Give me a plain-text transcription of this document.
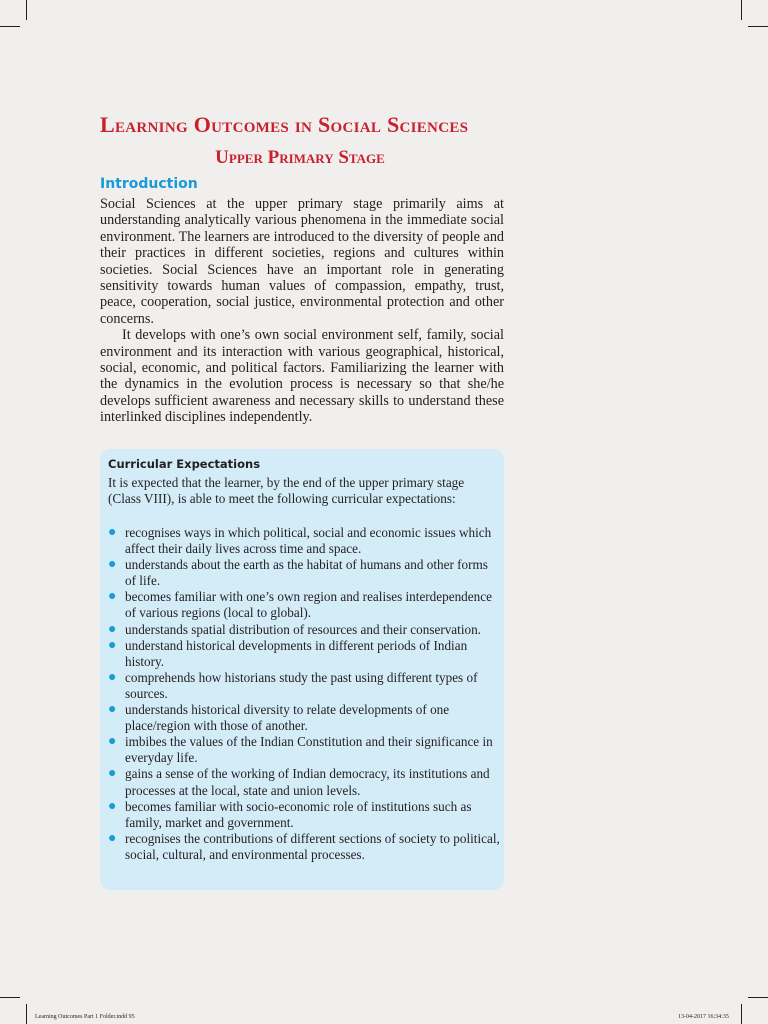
Learning Outcomes in Social Sciences
Upper Primary Stage
Introduction

Social Sciences at the upper primary stage primarily aims at understanding analytically various phenomena in the immediate social environment. The learners are introduced to the diversity of people and their practices in different societies, regions and cultures within societies. Social Sciences have an important role in generating sensitivity towards human values of compassion, empathy, trust, peace, cooperation, social justice, environmental protection and other concerns.

It develops with one’s own social environment self, family, social environment and its interaction with various geographical, historical, social, economic, and political factors. Familiarizing the learner with the dynamics in the evolution process is necessary so that she/he develops sufficient awareness and necessary skills to understand these interlinked disciplines independently.

Curricular Expectations
It is expected that the learner, by the end of the upper primary stage (Class VIII), is able to meet the following curricular expectations:
● recognises ways in which political, social and economic issues which affect their daily lives across time and space.
● understands about the earth as the habitat of humans and other forms of life.
● becomes familiar with one’s own region and realises interdependence of various regions (local to global).
● understands spatial distribution of resources and their conservation.
● understand historical developments in different periods of Indian history.
● comprehends how historians study the past using different types of sources.
● understands historical diversity to relate developments of one place/region with those of another.
● imbibes the values of the Indian Constitution and their significance in everyday life.
● gains a sense of the working of Indian democracy, its institutions and processes at the local, state and union levels.
● becomes familiar with socio-economic role of institutions such as family, market and government.
● recognises the contributions of different sections of society to political, social, cultural, and environmental processes.
Learning Outcomes Part 1 Folder.indd 95	13-04-2017 16:34:35
